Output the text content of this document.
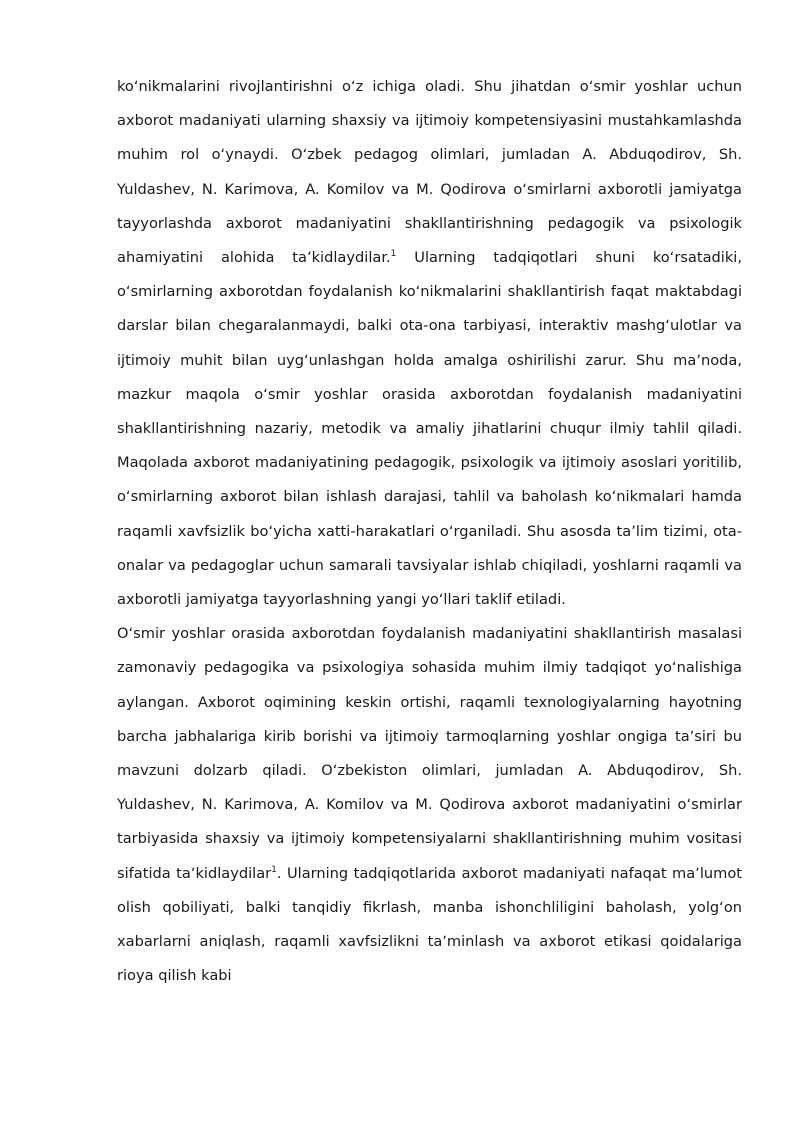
koʻnikmalarini rivojlantirishni oʻz ichiga oladi. Shu jihatdan oʻsmir yoshlar uchun axborot madaniyati ularning shaxsiy va ijtimoiy kompetensiyasini mustahkamlashda muhim rol oʻynaydi. Oʻzbek pedagog olimlari, jumladan A. Abduqodirov, Sh. Yuldashev, N. Karimova, A. Komilov va M. Qodirova oʻsmirlarni axborotli jamiyatga tayyorlashda axborot madaniyatini shakllantirishning pedagogik va psixologik ahamiyatini alohida taʼkidlaydilar.$^1$ Ularning tadqiqotlari shuni koʻrsatadiki, oʻsmirlarning axborotdan foydalanish koʻnikmalarini shakllantirish faqat maktabdagi darslar bilan chegaralanmaydi, balki ota-ona tarbiyasi, interaktiv mashgʻulotlar va ijtimoiy muhit bilan uygʻunlashgan holda amalga oshirilishi zarur. Shu maʼnoda, mazkur maqola oʻsmir yoshlar orasida axborotdan foydalanish madaniyatini shakllantirishning nazariy, metodik va amaliy jihatlarini chuqur ilmiy tahlil qiladi. Maqolada axborot madaniyatining pedagogik, psixologik va ijtimoiy asoslari yoritilib, oʻsmirlarning axborot bilan ishlash darajasi, tahlil va baholash koʻnikmalari hamda raqamli xavfsizlik boʻyicha xatti-harakatlari oʻrganiladi. Shu asosda taʼlim tizimi, ota-onalar va pedagoglar uchun samarali tavsiyalar ishlab chiqiladi, yoshlarni raqamli va axborotli jamiyatga tayyorlashning yangi yoʻllari taklif etiladi.

Oʻsmir yoshlar orasida axborotdan foydalanish madaniyatini shakllantirish masalasi zamonaviy pedagogika va psixologiya sohasida muhim ilmiy tadqiqot yoʻnalishiga aylangan. Axborot oqimining keskin ortishi, raqamli texnologiyalarning hayotning barcha jabhalariga kirib borishi va ijtimoiy tarmoqlarning yoshlar ongiga taʼsiri bu mavzuni dolzarb qiladi. Oʻzbekiston olimlari, jumladan A. Abduqodirov, Sh. Yuldashev, N. Karimova, A. Komilov va M. Qodirova axborot madaniyatini oʻsmirlar tarbiyasida shaxsiy va ijtimoiy kompetensiyalarni shakllantirishning muhim vositasi sifatida taʼkidlaydilar$^1$. Ularning tadqiqotlarida axborot madaniyati nafaqat maʼlumot olish qobiliyati, balki tanqidiy fikrlash, manba ishonchliligini baholash, yolgʻon xabarlarni aniqlash, raqamli xavfsizlikni taʼminlash va axborot etikasi qoidalariga rioya qilish kabi
